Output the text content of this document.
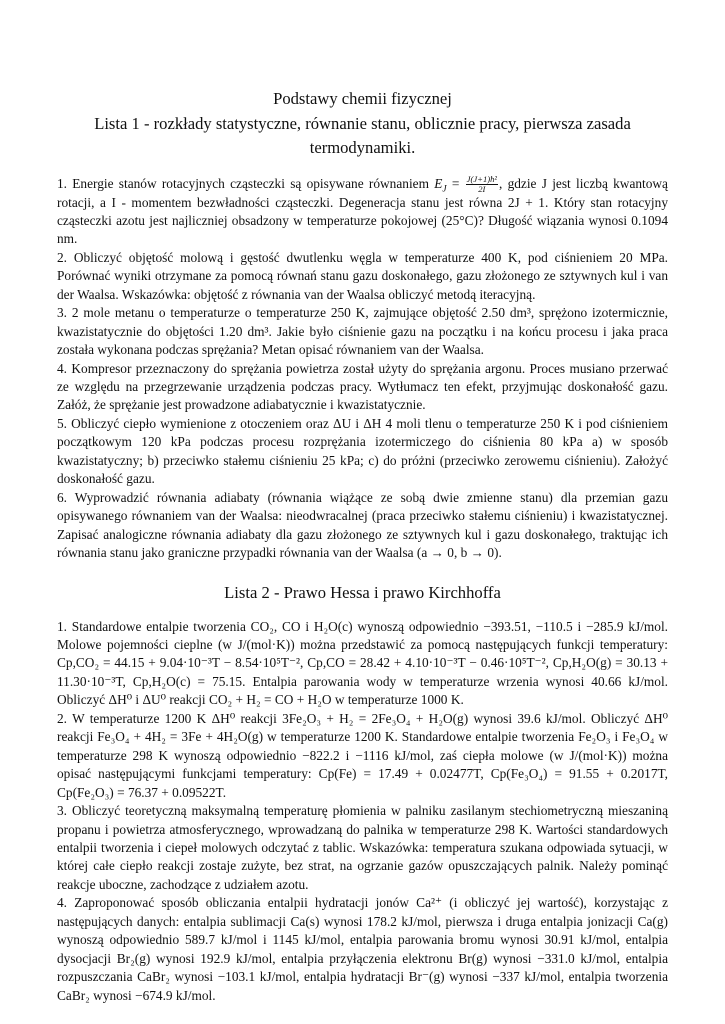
Podstawy chemii fizycznej
Lista 1 - rozkłady statystyczne, równanie stanu, oblicznie pracy, pierwsza zasada
termodynamiki.

1. Energie stanów rotacyjnych cząsteczki są opisywane równaniem $E_J = \frac{\text{J(J+1)ħ²}}{2I}$ , gdzie J jest liczbą kwantową rotacji, a I - momentem bezwładności cząsteczki. Degeneracja stanu jest równa 2J + 1. Który stan rotacyjny cząsteczki azotu jest najliczniej obsadzony w temperaturze pokojowej (25°C)? Długość wiązania wynosi 0.1094 nm.

2. Obliczyć objętość molową i gęstość dwutlenku węgla w temperaturze 400 K, pod ciśnieniem 20 MPa. Porównać wyniki otrzymane za pomocą równań stanu gazu doskonałego, gazu złożonego ze sztywnych kul i van der Waalsa. Wskazówka: objętość z równania van der Waalsa obliczyć metodą iteracyjną.

3. 2 mole metanu o temperaturze o temperaturze 250 K, zajmujące objętość 2.50 dm³, sprężono izotermicznie, kwazistatycznie do objętości 1.20 dm³. Jakie było ciśnienie gazu na początku i na końcu procesu i jaka praca została wykonana podczas sprężania? Metan opisać równaniem van der Waalsa.

4. Kompresor przeznaczony do sprężania powietrza został użyty do sprężania argonu. Proces musiano przerwać ze względu na przegrzewanie urządzenia podczas pracy. Wytłumacz ten efekt, przyjmując doskonałość gazu. Załóż, że sprężanie jest prowadzone adiabatycznie i kwazistatycznie.

5. Obliczyć ciepło wymienione z otoczeniem oraz ΔU i ΔH 4 moli tlenu o temperaturze 250 K i pod ciśnieniem początkowym 120 kPa podczas procesu rozprężania izotermiczego do ciśnienia 80 kPa a) w sposób kwazistatyczny; b) przeciwko stałemu ciśnieniu 25 kPa; c) do próżni (przeciwko zerowemu ciśnieniu). Założyć doskonałość gazu.

6. Wyprowadzić równania adiabaty (równania wiążące ze sobą dwie zmienne stanu) dla przemian gazu opisywanego równaniem van der Waalsa: nieodwracalnej (praca przeciwko stałemu ciśnieniu) i kwazistatycznej. Zapisać analogiczne równania adiabaty dla gazu złożonego ze sztywnych kul i gazu doskonałego, traktując ich równania stanu jako graniczne przypadki równania van der Waalsa (a → 0, b → 0).

Lista 2 - Prawo Hessa i prawo Kirchhoffa

1. Standardowe entalpie tworzenia CO₂, CO i H₂O(c) wynoszą odpowiednio −393.51, −110.5 i −285.9 kJ/mol. Molowe pojemności cieplne (w J/(mol·K)) można przedstawić za pomocą następujących funkcji temperatury: Cp,CO₂ = 44.15 + 9.04·10⁻³T − 8.54·10⁵T⁻², Cp,CO = 28.42 + 4.10·10⁻³T − 0.46·10⁵T⁻², Cp,H₂O(g) = 30.13 + 11.30·10⁻³T, Cp,H₂O(c) = 75.15. Entalpia parowania wody w temperaturze wrzenia wynosi 40.66 kJ/mol. Obliczyć ΔH⁰ i ΔU⁰ reakcji CO₂ + H₂ = CO + H₂O w temperaturze 1000 K.

2. W temperaturze 1200 K ΔH⁰ reakcji 3Fe₂O₃ + H₂ = 2Fe₃O₄ + H₂O(g) wynosi 39.6 kJ/mol. Obliczyć ΔH⁰ reakcji Fe₃O₄ + 4H₂ = 3Fe + 4H₂O(g) w temperaturze 1200 K. Standardowe entalpie tworzenia Fe₂O₃ i Fe₃O₄ w temperaturze 298 K wynoszą odpowiednio −822.2 i −1116 kJ/mol, zaś ciepła molowe (w J/(mol·K)) można opisać następującymi funkcjami temperatury: Cp(Fe) = 17.49 + 0.02477T, Cp(Fe₃O₄) = 91.55 + 0.2017T, Cp(Fe₂O₃) = 76.37 + 0.09522T.

3. Obliczyć teoretyczną maksymalną temperaturę płomienia w palniku zasilanym stechiometryczną mieszaniną propanu i powietrza atmosferycznego, wprowadzaną do palnika w temperaturze 298 K. Wartości standardowych entalpii tworzenia i ciepeł molowych odczytać z tablic. Wskazówka: temperatura szukana odpowiada sytuacji, w której całe ciepło reakcji zostaje zużyte, bez strat, na ogrzanie gazów opuszczających palnik. Należy pominąć reakcje uboczne, zachodzące z udziałem azotu.

4. Zaproponować sposób obliczania entalpii hydratacji jonów Ca²⁺ (i obliczyć jej wartość), korzystając z następujących danych: entalpia sublimacji Ca(s) wynosi 178.2 kJ/mol, pierwsza i druga entalpia jonizacji Ca(g) wynoszą odpowiednio 589.7 kJ/mol i 1145 kJ/mol, entalpia parowania bromu wynosi 30.91 kJ/mol, entalpia dysocjacji Br₂(g) wynosi 192.9 kJ/mol, entalpia przyłączenia elektronu Br(g) wynosi −331.0 kJ/mol, entalpia rozpuszczania CaBr₂ wynosi −103.1 kJ/mol, entalpia hydratacji Br⁻(g) wynosi −337 kJ/mol, entalpia tworzenia CaBr₂ wynosi −674.9 kJ/mol.
